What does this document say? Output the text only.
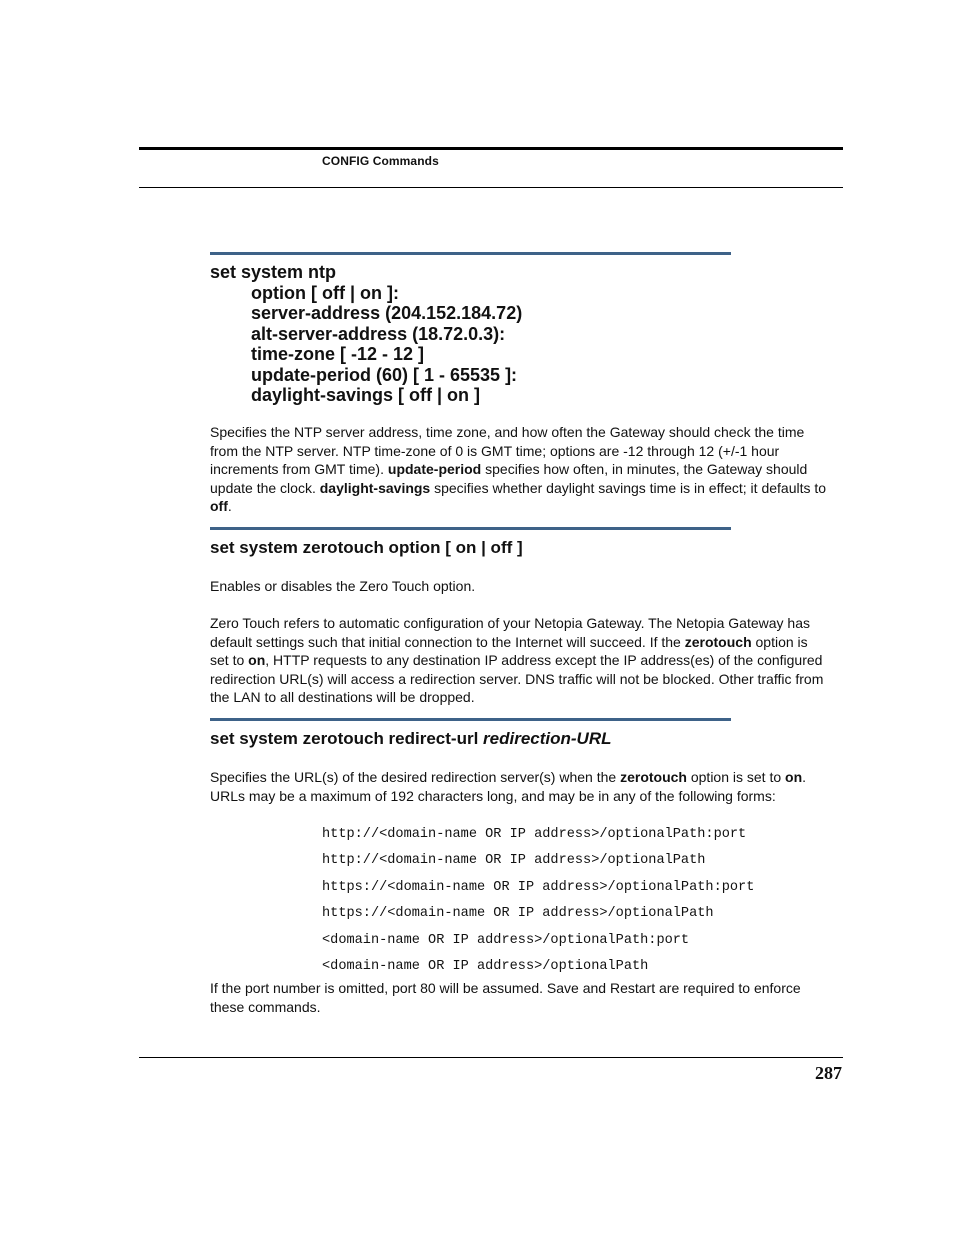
CONFIG Commands
set system ntp
option [ off | on ]:
server-address (204.152.184.72)
alt-server-address (18.72.0.3):
time-zone [ -12 - 12 ]
update-period (60) [ 1 - 65535 ]:
daylight-savings [ off | on ]

Specifies the NTP server address, time zone, and how often the Gateway should check the time from the NTP server. NTP time-zone of 0 is GMT time; options are -12 through 12 (+/-1 hour increments from GMT time). update-period specifies how often, in minutes, the Gateway should update the clock. daylight-savings specifies whether daylight savings time is in effect; it defaults to off.

set system zerotouch option [ on | off ]

Enables or disables the Zero Touch option.

Zero Touch refers to automatic configuration of your Netopia Gateway. The Netopia Gateway has default settings such that initial connection to the Internet will succeed. If the zerotouch option is set to on, HTTP requests to any destination IP address except the IP address(es) of the configured redirection URL(s) will access a redirection server. DNS traffic will not be blocked. Other traffic from the LAN to all destinations will be dropped.

set system zerotouch redirect-url redirection-URL

Specifies the URL(s) of the desired redirection server(s) when the zerotouch option is set to on. URLs may be a maximum of 192 characters long, and may be in any of the following forms:

http://<domain-name OR IP address>/optionalPath:port
http://<domain-name OR IP address>/optionalPath
https://<domain-name OR IP address>/optionalPath:port
https://<domain-name OR IP address>/optionalPath
<domain-name OR IP address>/optionalPath:port
<domain-name OR IP address>/optionalPath

If the port number is omitted, port 80 will be assumed. Save and Restart are required to enforce these commands.

287
